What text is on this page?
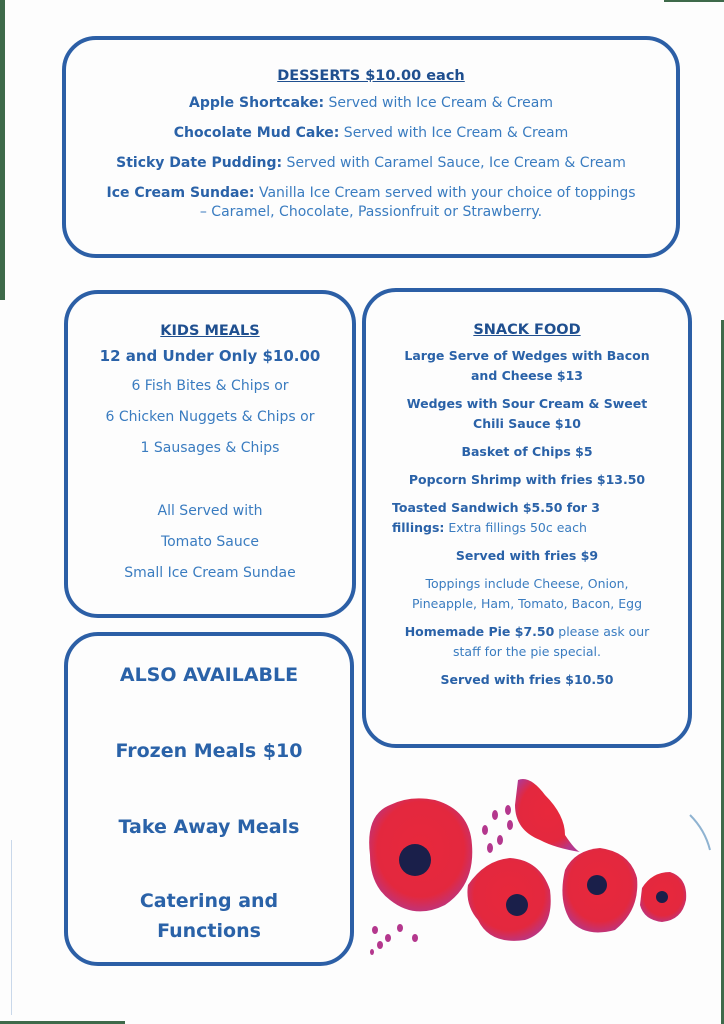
DESSERTS $10.00 each
Apple Shortcake: Served with Ice Cream & Cream
Chocolate Mud Cake: Served with Ice Cream & Cream
Sticky Date Pudding: Served with Caramel Sauce, Ice Cream & Cream
Ice Cream Sundae: Vanilla Ice Cream served with your choice of toppings
– Caramel, Chocolate, Passionfruit or Strawberry.
KIDS MEALS
12 and Under Only $10.00
6 Fish Bites & Chips or
6 Chicken Nuggets & Chips or
1 Sausages & Chips
All Served with
Tomato Sauce
Small Ice Cream Sundae
SNACK FOOD
Large Serve of Wedges with Bacon
and Cheese $13
Wedges with Sour Cream & Sweet
Chili Sauce $10
Basket of Chips $5
Popcorn Shrimp with fries $13.50
Toasted Sandwich $5.50 for 3
fillings: Extra fillings 50c each
Served with fries $9
Toppings include Cheese, Onion,
Pineapple, Ham, Tomato, Bacon, Egg
Homemade Pie $7.50 please ask our
staff for the pie special.
Served with fries $10.50
ALSO AVAILABLE
Frozen Meals $10
Take Away Meals
Catering and
Functions
